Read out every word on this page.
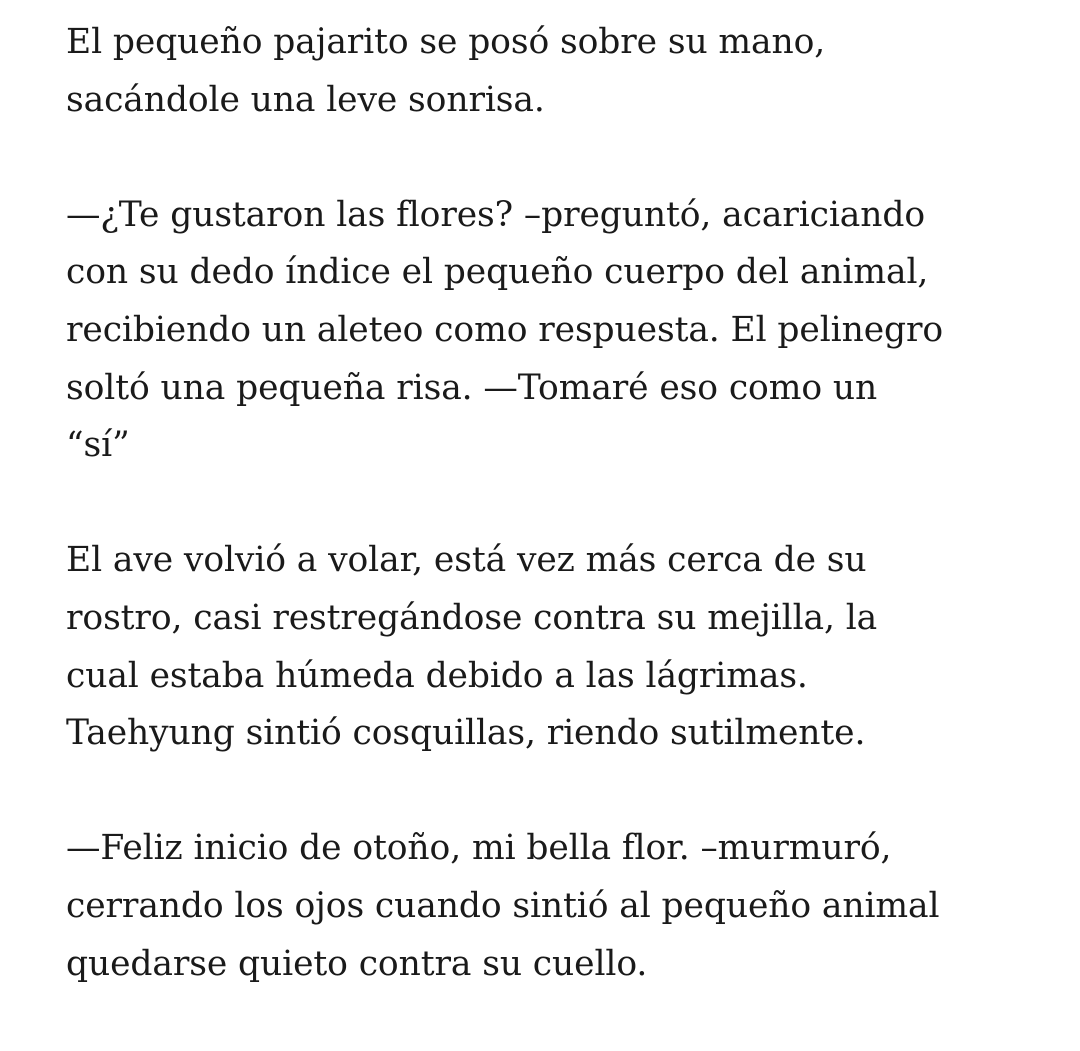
El pequeño pajarito se posó sobre su mano,
sacándole una leve sonrisa.

—¿Te gustaron las flores? –preguntó, acariciando
con su dedo índice el pequeño cuerpo del animal,
recibiendo un aleteo como respuesta. El pelinegro
soltó una pequeña risa. —Tomaré eso como un
“sí”

El ave volvió a volar, está vez más cerca de su
rostro, casi restregándose contra su mejilla, la
cual estaba húmeda debido a las lágrimas.
Taehyung sintió cosquillas, riendo sutilmente.

—Feliz inicio de otoño, mi bella flor. –murmuró,
cerrando los ojos cuando sintió al pequeño animal
quedarse quieto contra su cuello.
